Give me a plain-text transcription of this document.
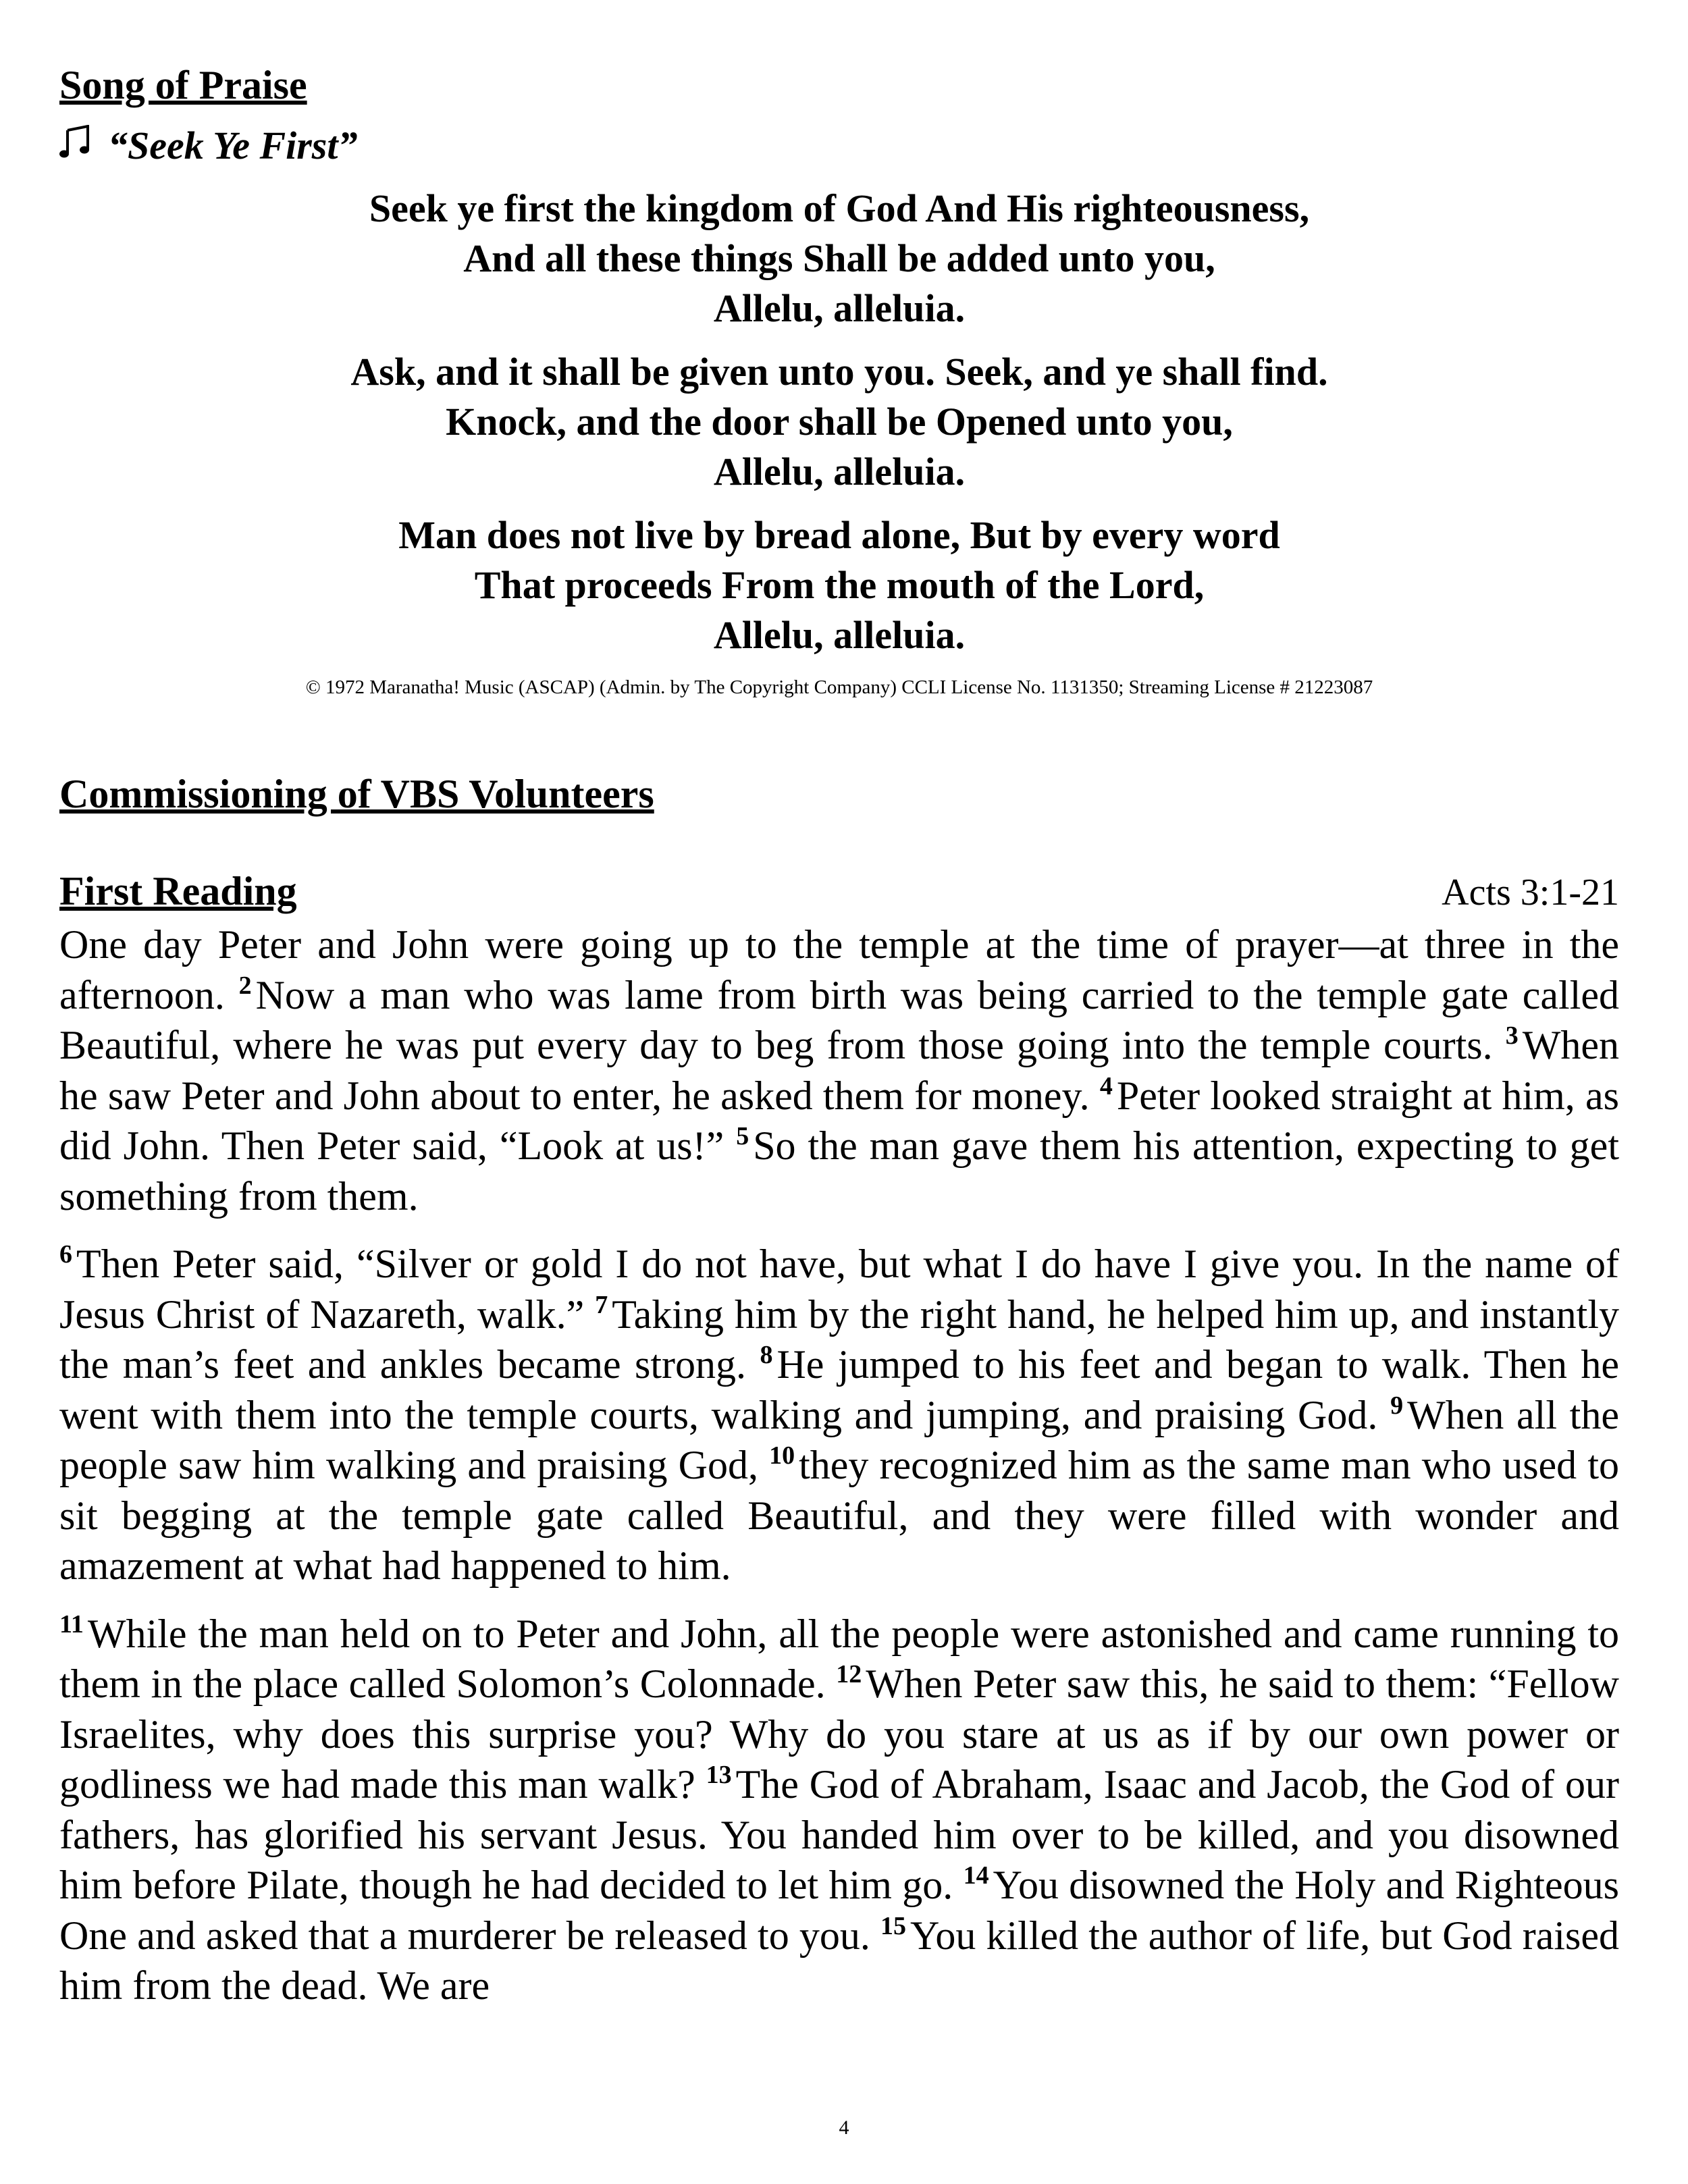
Song of Praise
“Seek Ye First”
Seek ye first the kingdom of God And His righteousness,
And all these things Shall be added unto you,
Allelu, alleluia.
Ask, and it shall be given unto you. Seek, and ye shall find.
Knock, and the door shall be Opened unto you,
Allelu, alleluia.
Man does not live by bread alone, But by every word
That proceeds From the mouth of the Lord,
Allelu, alleluia.
© 1972 Maranatha! Music (ASCAP) (Admin. by The Copyright Company) CCLI License No. 1131350; Streaming License # 21223087
Commissioning of VBS Volunteers
First Reading	Acts 3:1-21

One day Peter and John were going up to the temple at the time of prayer—at three in the afternoon. $^2$ Now a man who was lame from birth was being carried to the temple gate called Beautiful, where he was put every day to beg from those going into the temple courts. $^3$ When he saw Peter and John about to enter, he asked them for money. $^4$ Peter looked straight at him, as did John. Then Peter said, “Look at us!” $^5$ So the man gave them his attention, expecting to get something from them.

$^6$ Then Peter said, “Silver or gold I do not have, but what I do have I give you. In the name of Jesus Christ of Nazareth, walk.” $^7$ Taking him by the right hand, he helped him up, and instantly the man’s feet and ankles became strong. $^8$ He jumped to his feet and began to walk. Then he went with them into the temple courts, walking and jumping, and praising God. $^9$ When all the people saw him walking and praising God, $^{10}$ they recognized him as the same man who used to sit begging at the temple gate called Beautiful, and they were filled with wonder and amazement at what had happened to him.

$^{11}$ While the man held on to Peter and John, all the people were astonished and came running to them in the place called Solomon’s Colonnade. $^{12}$ When Peter saw this, he said to them: “Fellow Israelites, why does this surprise you? Why do you stare at us as if by our own power or godliness we had made this man walk? $^{13}$ The God of Abraham, Isaac and Jacob, the God of our fathers, has glorified his servant Jesus. You handed him over to be killed, and you disowned him before Pilate, though he had decided to let him go. $^{14}$ You disowned the Holy and Righteous One and asked that a murderer be released to you. $^{15}$ You killed the author of life, but God raised him from the dead. We are

4
